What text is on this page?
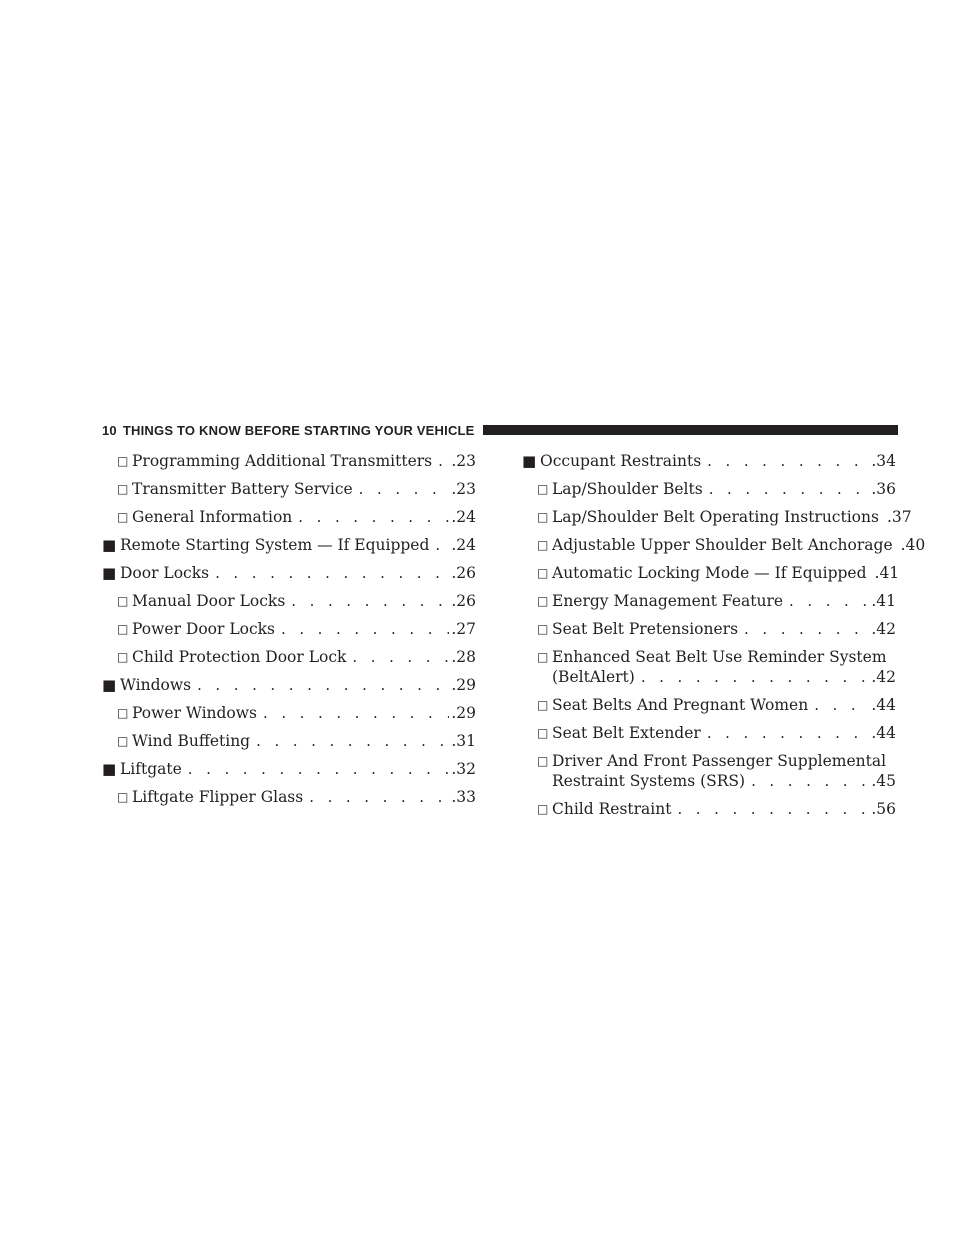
10 THINGS TO KNOW BEFORE STARTING YOUR VEHICLE
□ Programming Additional Transmitters . . . .23
□ Transmitter Battery Service . . .	.23
□ General Information . . .	.24
■ Remote Starting System — If Equipped . . . .24
■ Door Locks . . .	.26
□ Manual Door Locks . . .	.26
□ Power Door Locks . . .	.27
□ Child Protection Door Lock . . .	.28
■ Windows . . .	.29
□ Power Windows . . .	.29
□ Wind Buffeting . . .	.31
■ Liftgate . . .	.32
□ Liftgate Flipper Glass . . .	.33
■ Occupant Restraints . . .	.34
□ Lap/Shoulder Belts . . .	.36
□ Lap/Shoulder Belt Operating Instructions .37
□ Adjustable Upper Shoulder Belt Anchorage .40
□ Automatic Locking Mode — If Equipped .41
□ Energy Management Feature . . .	.41
□ Seat Belt Pretensioners . . .	.42
□ Enhanced Seat Belt Use Reminder System
(BeltAlert) . . .	.42
□ Seat Belts And Pregnant Women . . .	.44
□ Seat Belt Extender . . .	.44
□ Driver And Front Passenger Supplemental
Restraint Systems (SRS) . . .	.45
□ Child Restraint . . .	.56
